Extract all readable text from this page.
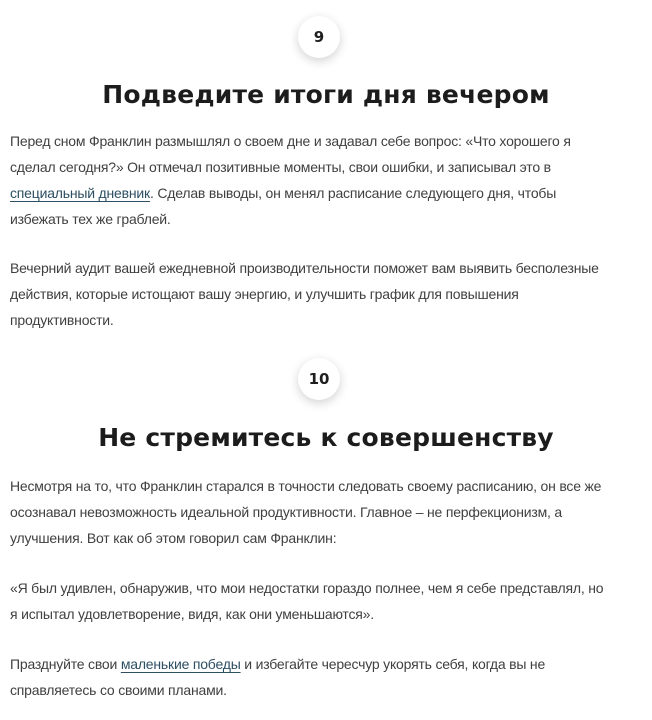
9
Подведите итоги дня вечером

Перед сном Франклин размышлял о своем дне и задавал себе вопрос: «Что хорошего я сделал сегодня?» Он отмечал позитивные моменты, свои ошибки, и записывал это в специальный дневник. Сделав выводы, он менял расписание следующего дня, чтобы избежать тех же граблей.

Вечерний аудит вашей ежедневной производительности поможет вам выявить бесполезные действия, которые истощают вашу энергию, и улучшить график для повышения продуктивности.

10
Не стремитесь к совершенству

Несмотря на то, что Франклин старался в точности следовать своему расписанию, он все же осознавал невозможность идеальной продуктивности. Главное – не перфекционизм, а улучшения. Вот как об этом говорил сам Франклин:

«Я был удивлен, обнаружив, что мои недостатки гораздо полнее, чем я себе представлял, но я испытал удовлетворение, видя, как они уменьшаются».

Празднуйте свои маленькие победы и избегайте чересчур укорять себя, когда вы не справляетесь со своими планами.
